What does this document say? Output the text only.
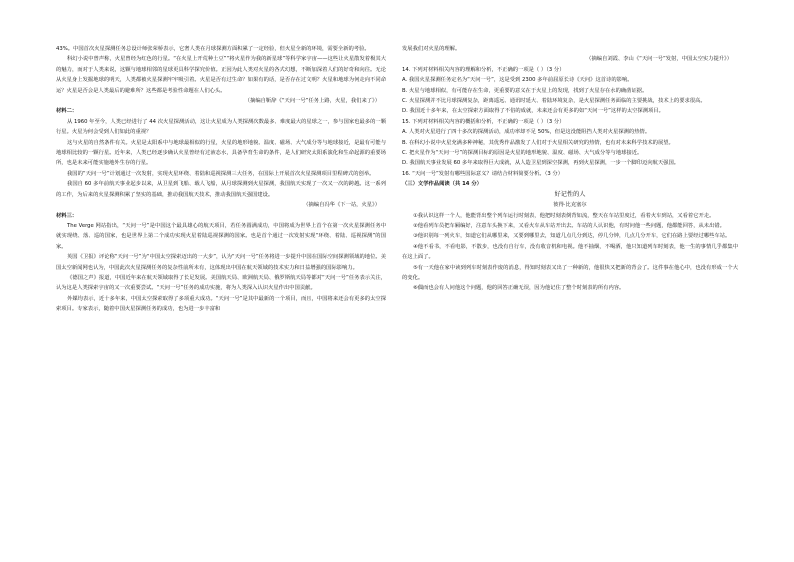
43%。中国首次火星探测任务总设计师张荣桥表示，它奢人类在月球探测方面积累了一定经验，但火星全新的环境，需要全新的考验。

科幻小说中曾声称，火星曾经为红色的行星。“在火星上开荒种土豆”“将火星作为我的新星球”等科学家宇宙——这些让火星散发着极其大的魅力，而对于人类来说，这颗与地球相邻的星球更具科学探究价值。正因为此人类对火星的各式幻想，不断加深着人们的好奇和向往。无论从火星身上发掘地球的明天，人类都被火星探测牢牢吸引着。火星是否有过生命？如果有的话，是否存在过文明？火星和地球为何走向不同命运？火星是否会是人类最后的避难所？这些都是考验性命题在人们心头。

（摘编自靳辞《“天问一号”任务上路，火星，我们来了》）

材料二：

从 1960 年至今，人类已经进行了 44 次火星探测活动，这让火星成为人类探测次数最多、难度最大的星球之一，参与国家也最多的一颗行星。火星为何会受到人们如此的重视？

这与火星的自然条件有关。火星是太阳系中与地球最相似的行星，火星的地形地貌、温度、磁场、大气成分等与地球接近，是最有可能与地球相比较的一颗行星。近年来，人类已经逐步确认火星曾经有过液态水，具备孕育生命的条件，是人们研究太阳系演化和生命起源的重要场所，也是未来可能实施地外生存的行星。

我国的“天问一号”计划通过一次发射，实现火星环绕、着陆和巡视探测三大任务，在国际上开展首次火星探测项目里程碑式的创举。

我国自 60 多年前航天事业起步以来，从卫星到飞船、载人飞船，从月球探测到火星探测，我国航天实现了一次又一次的跨越。这一系列的工作，为后来的火星探测积累了坚实的基础，推动我国航天技术，推动我国航天强国建设。

（摘编自冯华《下一站，火星》）

材料三：

The Verge 网站指出，“天问一号”是中国这个最具雄心的航天项目，若任务圆满成功，中国将成为世界上首个在第一次火星探测任务中就实现绕、落、巡的国家，也是世界上第二个成功实现火星着陆巡视探测的国家。也是首个通过一次发射实现“环绕、着陆、巡视探测”的国家。

英国《卫报》评论称“天问一号”为“中国太空探索迈出的一大步”，认为“天问一号”任务将进一步提升中国在国际空间探测领域的地位。美国太空新闻网也认为，中国此次火星探测任务的复杂性前所未有，这体现出中国在航天领域的技术实力和日益增强的国际影响力。

《德国之声》报道，中国近年来在航天领域取得了长足发展。美国航天局、欧洲航天局、俄罗斯航天局等都对“天问一号”任务表示关注，认为这是人类探索宇宙的又一次重要尝试。“天问一号”任务的成功实施，将为人类深入认识火星作出中国贡献。

外媒均表示，近十多年来，中国太空探索取得了多项重大成功。“天问一号”是其中最新的一个项目，而且，中国将来还会有更多的太空探索项目。专家表示，随着中国火星探测任务的成功，也为进一步丰富和

发展我们对火星的理解。

（摘编自刘霞、李山《“天问一号”发射，中国太空实力提升》）

14. 下列对材料相关内容的理解和分析，不正确的一项是（ ）（3 分）

A. 我国火星探测任务定名为“天问一号”，这是受到 2300 多年前屈原长诗《天问》这首诗的影响。

B. 火星与地球相似，有可能存在生命，更重要的意义在于火星上的发现，找到了火星存在水的确凿证据。

C. 火星探测并不比月球探测复杂，距离遥远、通讯时延大、着陆环境复杂，是火星探测任务面临的主要挑战，技术上的要求很高。

D. 我国近十多年来，在太空探索方面取得了不俗的成就，未来还会有更多的如“天问一号”这样的太空探测项目。

15. 下列对材料相关内容的概括和分析，不正确的一项是（ ）（3 分）

A. 人类对火星进行了四十多次的探测活动，成功率却不足 50%，但是这没能阻挡人类对火星探测的热情。

B. 在科幻小说中火星充满多种神秘，其优秀作品激发了人们对于火星相关研究的热情，也有对未来科学技术的展望。

C. 把火星作为“天问一号”的探测目标的原因是火星的地形地貌、温度、磁场、大气成分等与地球接近。

D. 我国航天事业发展 60 多年来取得巨大成就，从人造卫星到深空探测，再到火星探测，一步一个脚印迈向航天强国。

16. “天问一号”发射有哪些国际意义？请结合材料简要分析。（3 分）

（三）文学作品阅读（共 14 分）

好记性的人

彼得·比克塞尔

①我认识这样一个人，他能背出整个列车运行时刻表，他把时刻表倒背如流，整天在车站里度过，看着火车到站，又看着它开走。

②他看列车员把车厢编好，注意车头换下来，又看火车从车站开出去。车站的人认识他，有时问他一些问题，他都能回答，从未出错。

③他识别每一列火车，知道它们从哪里来，又要到哪里去，知道几点几分到达，停几分钟，几点几分开车，它们在路上要经过哪些车站。

④他不看书，不看电影，不散步，也没有自行车，没有收音机和电视。他不抽烟，不喝酒，他只知道列车时刻表，他一生的事情几乎都集中在这上面了。

⑤有一天他在家中读到列车时刻表作废的消息，得知时刻表又出了一种新的，他很快又把新的背会了。这件事在他心中，也没有形成一个大的变化。

⑥偶而也会有人问他这个问题，他的回答正确无误，因为他记住了整个时刻表的所有内容。
